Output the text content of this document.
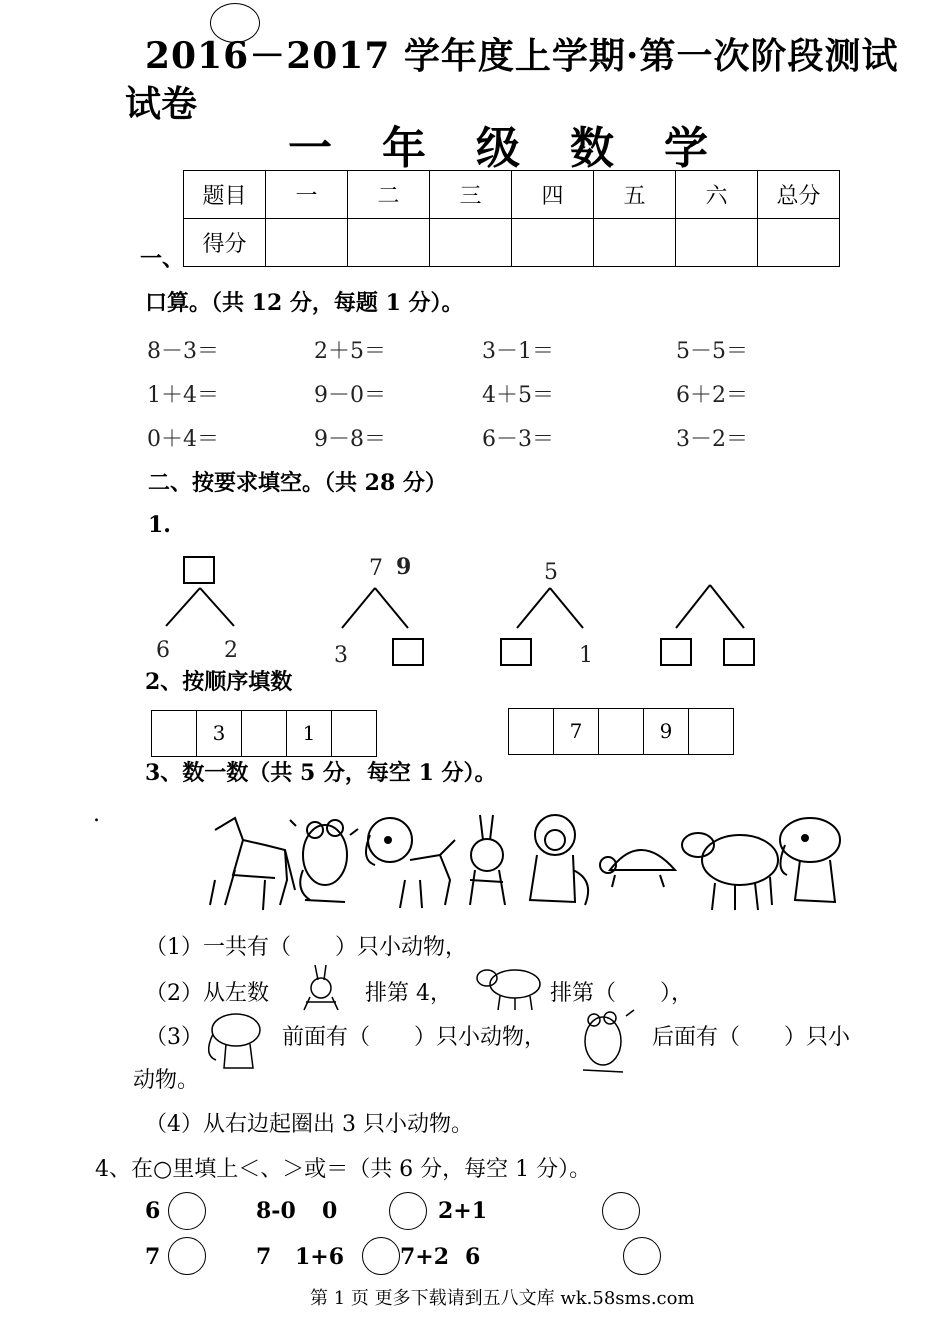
2016－2017 学年度上学期·第一次阶段测试
试卷
一年级数学
题目	一	二	三	四	五	六	总分
得分							
一、
口算。（共 12 分，每题 1 分）。
8－3＝	2＋5＝	3－1＝	5－5＝
1＋4＝	9－0＝	4＋5＝	6＋2＝
0＋4＝	9－8＝	6－3＝	3－2＝
二、按要求填空。（共 28 分）
1.
6 2
7 9
3
5
1
2、按顺序填数
3	1	7	9
3、数一数（共 5 分，每空 1 分）。
.
（1）一共有（　　）只小动物，
（2）从左数	排第 4，	排第（　　），
（3）	前面有（　　）只小动物，	后面有（　　）只小
动物。
（4）从右边起圈出 3 只小动物。
4、在○里填上＜、＞或＝（共 6 分，每空 1 分）。
6	8-0 0	2+1
7	7 1+6	7+2 6
第 1 页 更多下载请到五八文库 wk.58sms.com
